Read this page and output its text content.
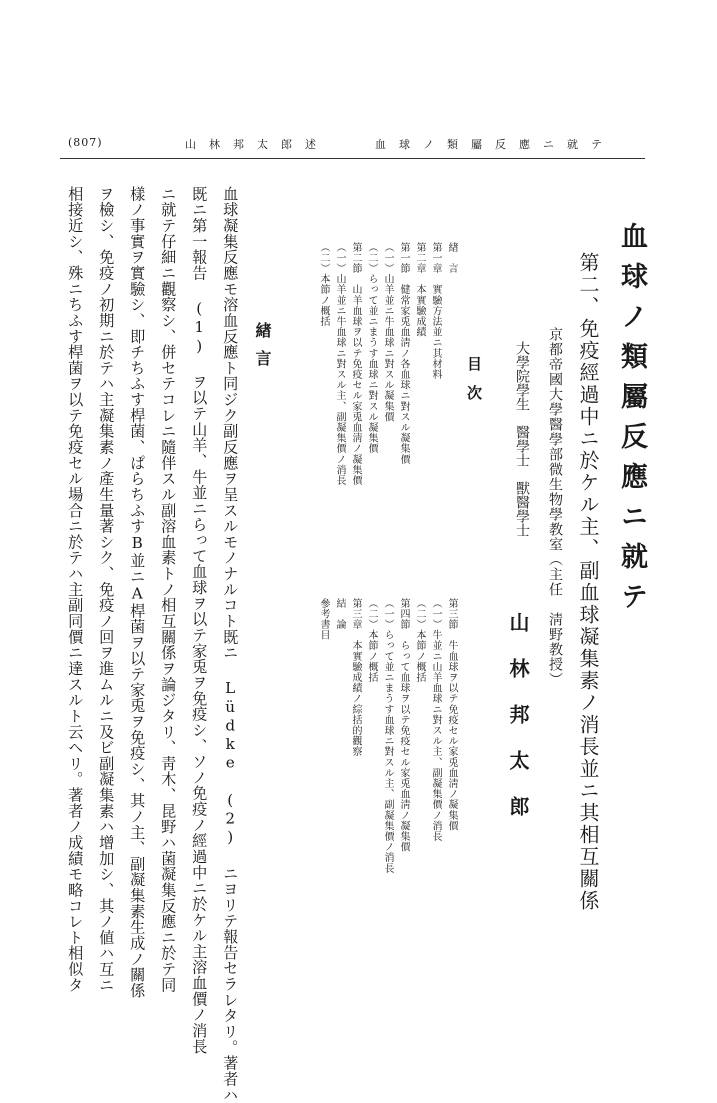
(807)	山　林　邦　太　郎　述	血　球　ノ　類　屬　反　應　ニ　就　テ
血球ノ類屬反應ニ就テ
第二、免疫經過中ニ於ケル主、副血球凝集素ノ消長並ニ其相互關係
京都帝國大學醫學部微生物學教室（主任　淸野教授）
大學院學生　醫學士　獸醫學士
山林邦太郎
目次
緖　言
第一章　實驗方法並ニ其材料
第二章　本實驗成績
第一節　健常家兎血淸ノ各血球ニ對スル凝集價
（一）山羊並ニ牛血球ニ對スル凝集價
（二）らって並ニまうす血球ニ對スル凝集價
第二節　山羊血球ヲ以テ免疫セル家兎血淸ノ凝集價
（一）山羊並ニ牛血球ニ對スル主、副凝集價ノ消長
（二）本節ノ概括
第三節　牛血球ヲ以テ免疫セル家兎血淸ノ凝集價
（一）牛並ニ山羊血球ニ對スル主、副凝集價ノ消長
（二）本節ノ概括
第四節　らって血球ヲ以テ免疫セル家兎血淸ノ凝集價
（一）らって並ニまうす血球ニ對スル主、副凝集價ノ消長
（二）本節ノ概括
第三章　本實驗成績ノ綜括的觀察
結　論
參考書目
緖言
血球凝集反應モ溶血反應ト同ジク副反應ヲ呈スルモノナルコト既ニ Lüdke (2) ニヨリテ報告セラレタリ。著者ハ
既ニ第一報告 (1) ヲ以テ山羊、牛並ニらって血球ヲ以テ家兎ヲ免疫シ、ソノ免疫ノ經過中ニ於ケル主溶血價ノ消長
ニ就テ仔細ニ觀察シ、併セテコレニ隨伴スル副溶血素トノ相互關係ヲ論ジタリ、靑木、昆野ハ菌凝集反應ニ於テ同
樣ノ事實ヲ實驗シ、即チちふす桿菌、ぱらちふすB並ニA桿菌ヲ以テ家兎ヲ免疫シ、其ノ主、副凝集素生成ノ關係
ヲ檢シ、免疫ノ初期ニ於テハ主凝集素ノ產生量著シク、免疫ノ回ヲ進ムルニ及ビ副凝集素ハ增加シ、其ノ値ハ互ニ
相接近シ、殊ニちふす桿菌ヲ以テ免疫セル場合ニ於テハ主副同價ニ達スルト云ヘリ。著者ノ成績モ略コレト相似タ
